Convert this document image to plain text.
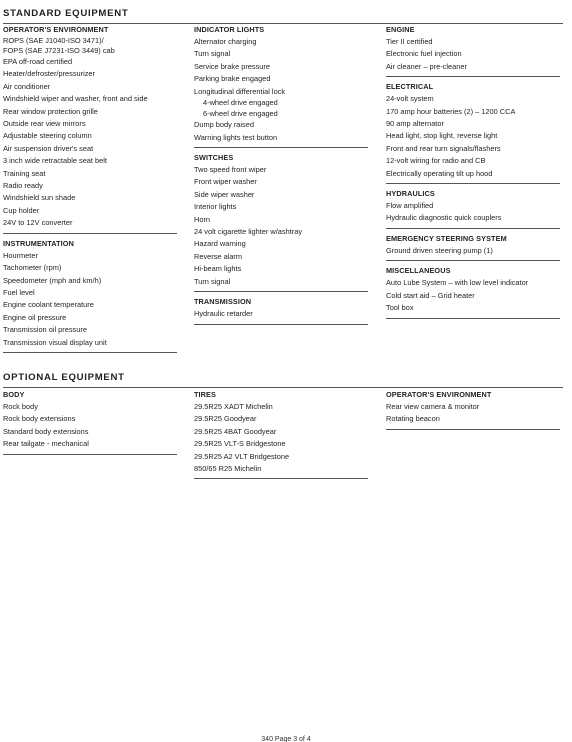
STANDARD EQUIPMENT
OPERATOR'S ENVIRONMENT
ROPS (SAE J1040-ISO 3471)/
FOPS (SAE J7231-ISO 3449) cab
EPA off-road certified
Heater/defroster/pressurizer
Air conditioner
Windshield wiper and washer, front and side
Rear window protection grille
Outside rear view mirrors
Adjustable steering column
Air suspension driver's seat
3 inch wide retractable seat belt
Training seat
Radio ready
Windshield sun shade
Cup holder
24V to 12V converter
INSTRUMENTATION
Hourmeter
Tachometer (rpm)
Speedometer (mph and km/h)
Fuel level
Engine coolant temperature
Engine oil pressure
Transmission oil pressure
Transmission visual display unit
INDICATOR LIGHTS
Alternator charging
Turn signal
Service brake pressure
Parking brake engaged
Longitudinal differential lock
4-wheel drive engaged
6-wheel drive engaged
Dump body raised
Warning lights test button
SWITCHES
Two speed front wiper
Front wiper washer
Side wiper washer
Interior lights
Horn
24 volt cigarette lighter w/ashtray
Hazard warning
Reverse alarm
Hi-beam lights
Turn signal
TRANSMISSION
Hydraulic retarder
ENGINE
Tier II certified
Electronic fuel injection
Air cleaner – pre-cleaner
ELECTRICAL
24-volt system
170 amp hour batteries (2) – 1200 CCA
90 amp alternator
Head light, stop light, reverse light
Front and rear turn signals/flashers
12-volt wiring for radio and CB
Electrically operating tilt up hood
HYDRAULICS
Flow amplified
Hydraulic diagnostic quick couplers
EMERGENCY STEERING SYSTEM
Ground driven steering pump (1)
MISCELLANEOUS
Auto Lube System – with low level indicator
Cold start aid – Grid heater
Tool box
OPTIONAL EQUIPMENT
BODY
Rock body
Rock body extensions
Standard body extensions
Rear tailgate - mechanical
TIRES
29.5R25 XADT Michelin
29.5R25 Goodyear
29.5R25 4BAT Goodyear
29.5R25 VLT-S Bridgestone
29.5R25 A2 VLT Bridgestone
850/65 R25 Michelin
OPERATOR'S ENVIRONMENT
Rear view camera & monitor
Rotating beacon
340 Page 3 of 4
